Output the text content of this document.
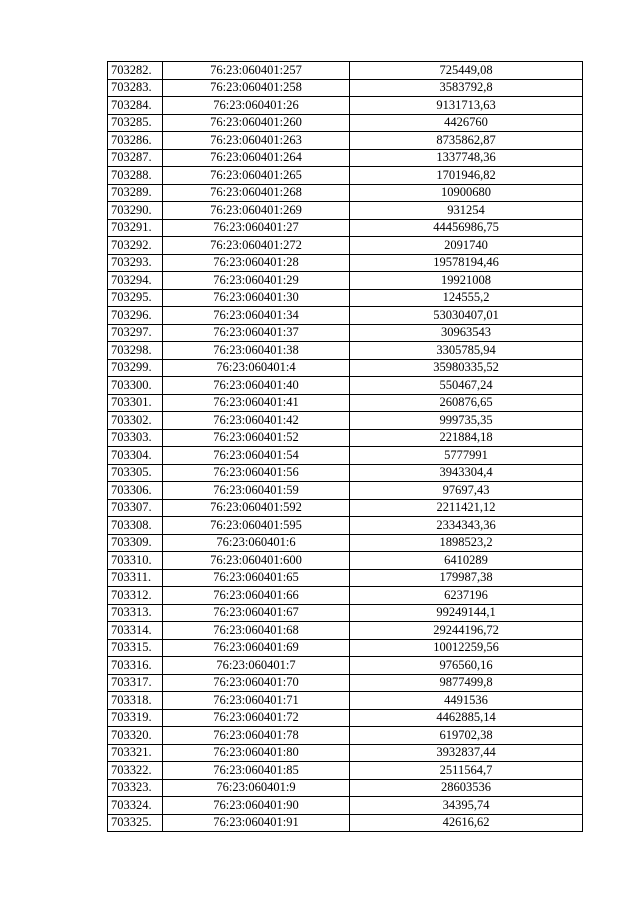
703282.	76:23:060401:257	725449,08
703283.	76:23:060401:258	3583792,8
703284.	76:23:060401:26	9131713,63
703285.	76:23:060401:260	4426760
703286.	76:23:060401:263	8735862,87
703287.	76:23:060401:264	1337748,36
703288.	76:23:060401:265	1701946,82
703289.	76:23:060401:268	10900680
703290.	76:23:060401:269	931254
703291.	76:23:060401:27	44456986,75
703292.	76:23:060401:272	2091740
703293.	76:23:060401:28	19578194,46
703294.	76:23:060401:29	19921008
703295.	76:23:060401:30	124555,2
703296.	76:23:060401:34	53030407,01
703297.	76:23:060401:37	30963543
703298.	76:23:060401:38	3305785,94
703299.	76:23:060401:4	35980335,52
703300.	76:23:060401:40	550467,24
703301.	76:23:060401:41	260876,65
703302.	76:23:060401:42	999735,35
703303.	76:23:060401:52	221884,18
703304.	76:23:060401:54	5777991
703305.	76:23:060401:56	3943304,4
703306.	76:23:060401:59	97697,43
703307.	76:23:060401:592	2211421,12
703308.	76:23:060401:595	2334343,36
703309.	76:23:060401:6	1898523,2
703310.	76:23:060401:600	6410289
703311.	76:23:060401:65	179987,38
703312.	76:23:060401:66	6237196
703313.	76:23:060401:67	99249144,1
703314.	76:23:060401:68	29244196,72
703315.	76:23:060401:69	10012259,56
703316.	76:23:060401:7	976560,16
703317.	76:23:060401:70	9877499,8
703318.	76:23:060401:71	4491536
703319.	76:23:060401:72	4462885,14
703320.	76:23:060401:78	619702,38
703321.	76:23:060401:80	3932837,44
703322.	76:23:060401:85	2511564,7
703323.	76:23:060401:9	28603536
703324.	76:23:060401:90	34395,74
703325.	76:23:060401:91	42616,62
